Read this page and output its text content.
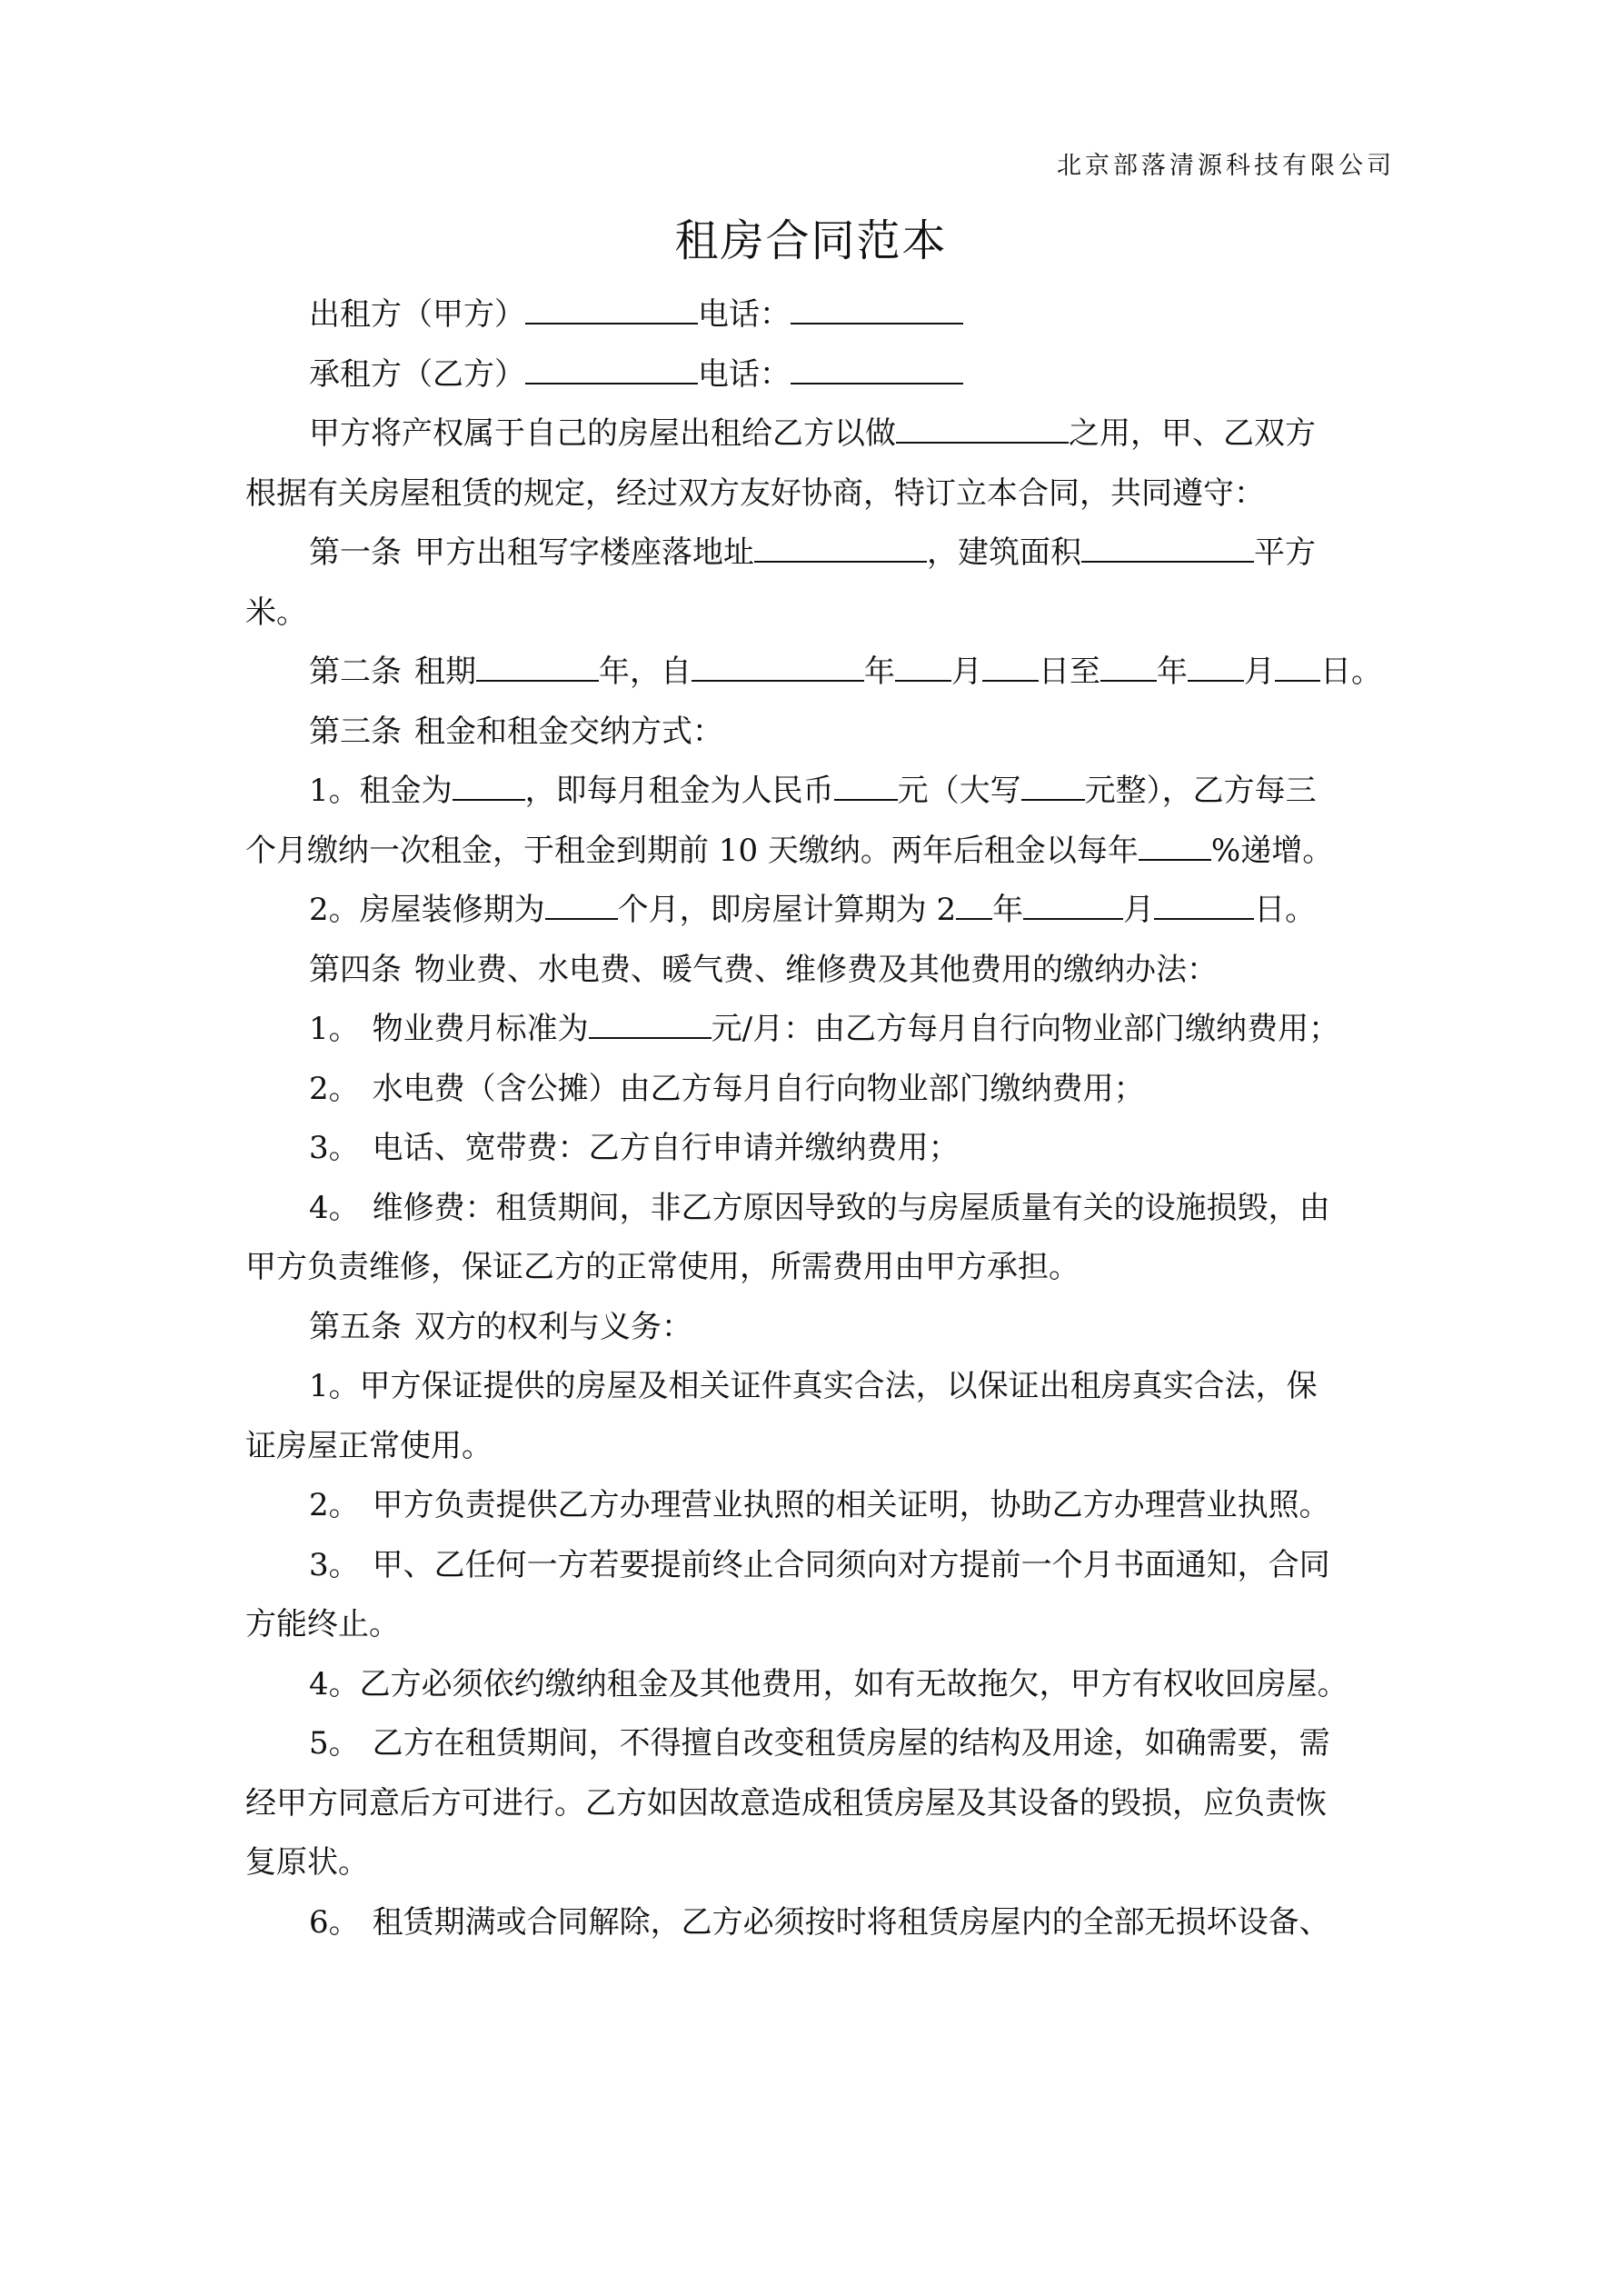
北京部落清源科技有限公司
租房合同范本
出租方（甲方）	电话：
承租方（乙方）	电话：
甲方将产权属于自己的房屋出租给乙方以做	之用，甲、乙双方
根据有关房屋租赁的规定，经过双方友好协商，特订立本合同，共同遵守：
第一条 甲方出租写字楼座落地址	，建筑面积	平方
米。
第二条 租期	年，自	年 月 日至 年 月 日。
第三条 租金和租金交纳方式：
1。租金为 ，即每月租金为人民币 元（大写 元整），乙方每三
个月缴纳一次租金，于租金到期前 10 天缴纳。两年后租金以每年 %递增。
2。房屋装修期为 个月，即房屋计算期为 2 年	月	日。
第四条 物业费、水电费、暖气费、维修费及其他费用的缴纳办法：
1。 物业费月标准为	元/月：由乙方每月自行向物业部门缴纳费用；
2。 水电费（含公摊）由乙方每月自行向物业部门缴纳费用；
3。 电话、宽带费：乙方自行申请并缴纳费用；
4。 维修费：租赁期间，非乙方原因导致的与房屋质量有关的设施损毁，由
甲方负责维修，保证乙方的正常使用，所需费用由甲方承担。
第五条 双方的权利与义务：
1。甲方保证提供的房屋及相关证件真实合法，以保证出租房真实合法，保
证房屋正常使用。
2。 甲方负责提供乙方办理营业执照的相关证明，协助乙方办理营业执照。
3。 甲、乙任何一方若要提前终止合同须向对方提前一个月书面通知，合同
方能终止。
4。乙方必须依约缴纳租金及其他费用，如有无故拖欠，甲方有权收回房屋。
5。 乙方在租赁期间，不得擅自改变租赁房屋的结构及用途，如确需要，需
经甲方同意后方可进行。乙方如因故意造成租赁房屋及其设备的毁损，应负责恢
复原状。
6。 租赁期满或合同解除，乙方必须按时将租赁房屋内的全部无损坏设备、
